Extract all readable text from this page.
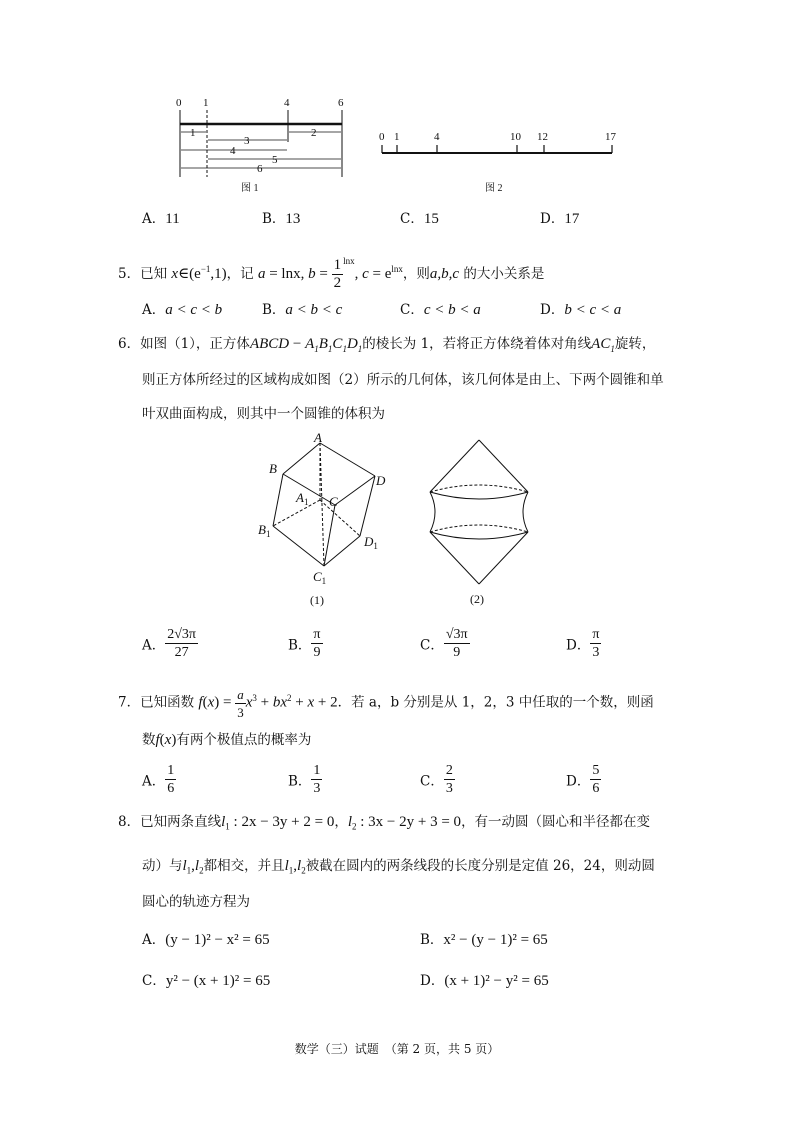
0 1	4	6
1	2
3
4
5
6
图 1
0 1	4	10 12	17
图 2
A．11	B．13	C．15	D．17
5．已知 $x\in(e^{-1},1)$，记 a = lnx, $b = \frac{1}{2} ^{lnx}$, $c = e^{lnx}$，则a,b,c 的大小关系是
A．a < c < b	B．a < b < c	C．c < b < a	D．b < c < a
6．如图（1），正方体ABCD − $A_1B_1C_1D_1$的棱长为 1，若将正方体绕着体对角线$AC_1$旋转，
则正方体所经过的区域构成如图（2）所示的几何体，该几何体是由上、下两个圆锥和单
叶双曲面构成，则其中一个圆锥的体积为
A
B
D
C
$A_1$
$B_1$	$D_1$
$C_1$
(1)	(2)
A． $\frac{2√3\pi}{27}$	B． $\frac{\pi}{9}$	C． $\frac{√3\pi}{9}$	D． $\frac{\pi}{3}$
7．已知函数 $f(x) = \frac{a}{3} x^3 + bx^2 + x + 2$．若 a，b 分别是从 1，2，3 中任取的一个数，则函
数f(x)有两个极值点的概率为
A． $\frac{1}{6}$	B． $\frac{1}{3}$	C． $\frac{2}{3}$	D． $\frac{5}{6}$
8．已知两条直线$l_1$ : 2x − 3y + 2 = 0，$l_2$ : 3x − 2y + 3 = 0，有一动圆（圆心和半径都在变
动）与$l_1,l_2$都相交，并且$l_1,l_2$被截在圆内的两条线段的长度分别是定值 26，24，则动圆
圆心的轨迹方程为
A．(y − 1)² − x² = 65	B．x² − (y − 1)² = 65
C．y² − (x + 1)² = 65	D．(x + 1)² − y² = 65
数学（三）试题　（第 2 页，共 5 页）
